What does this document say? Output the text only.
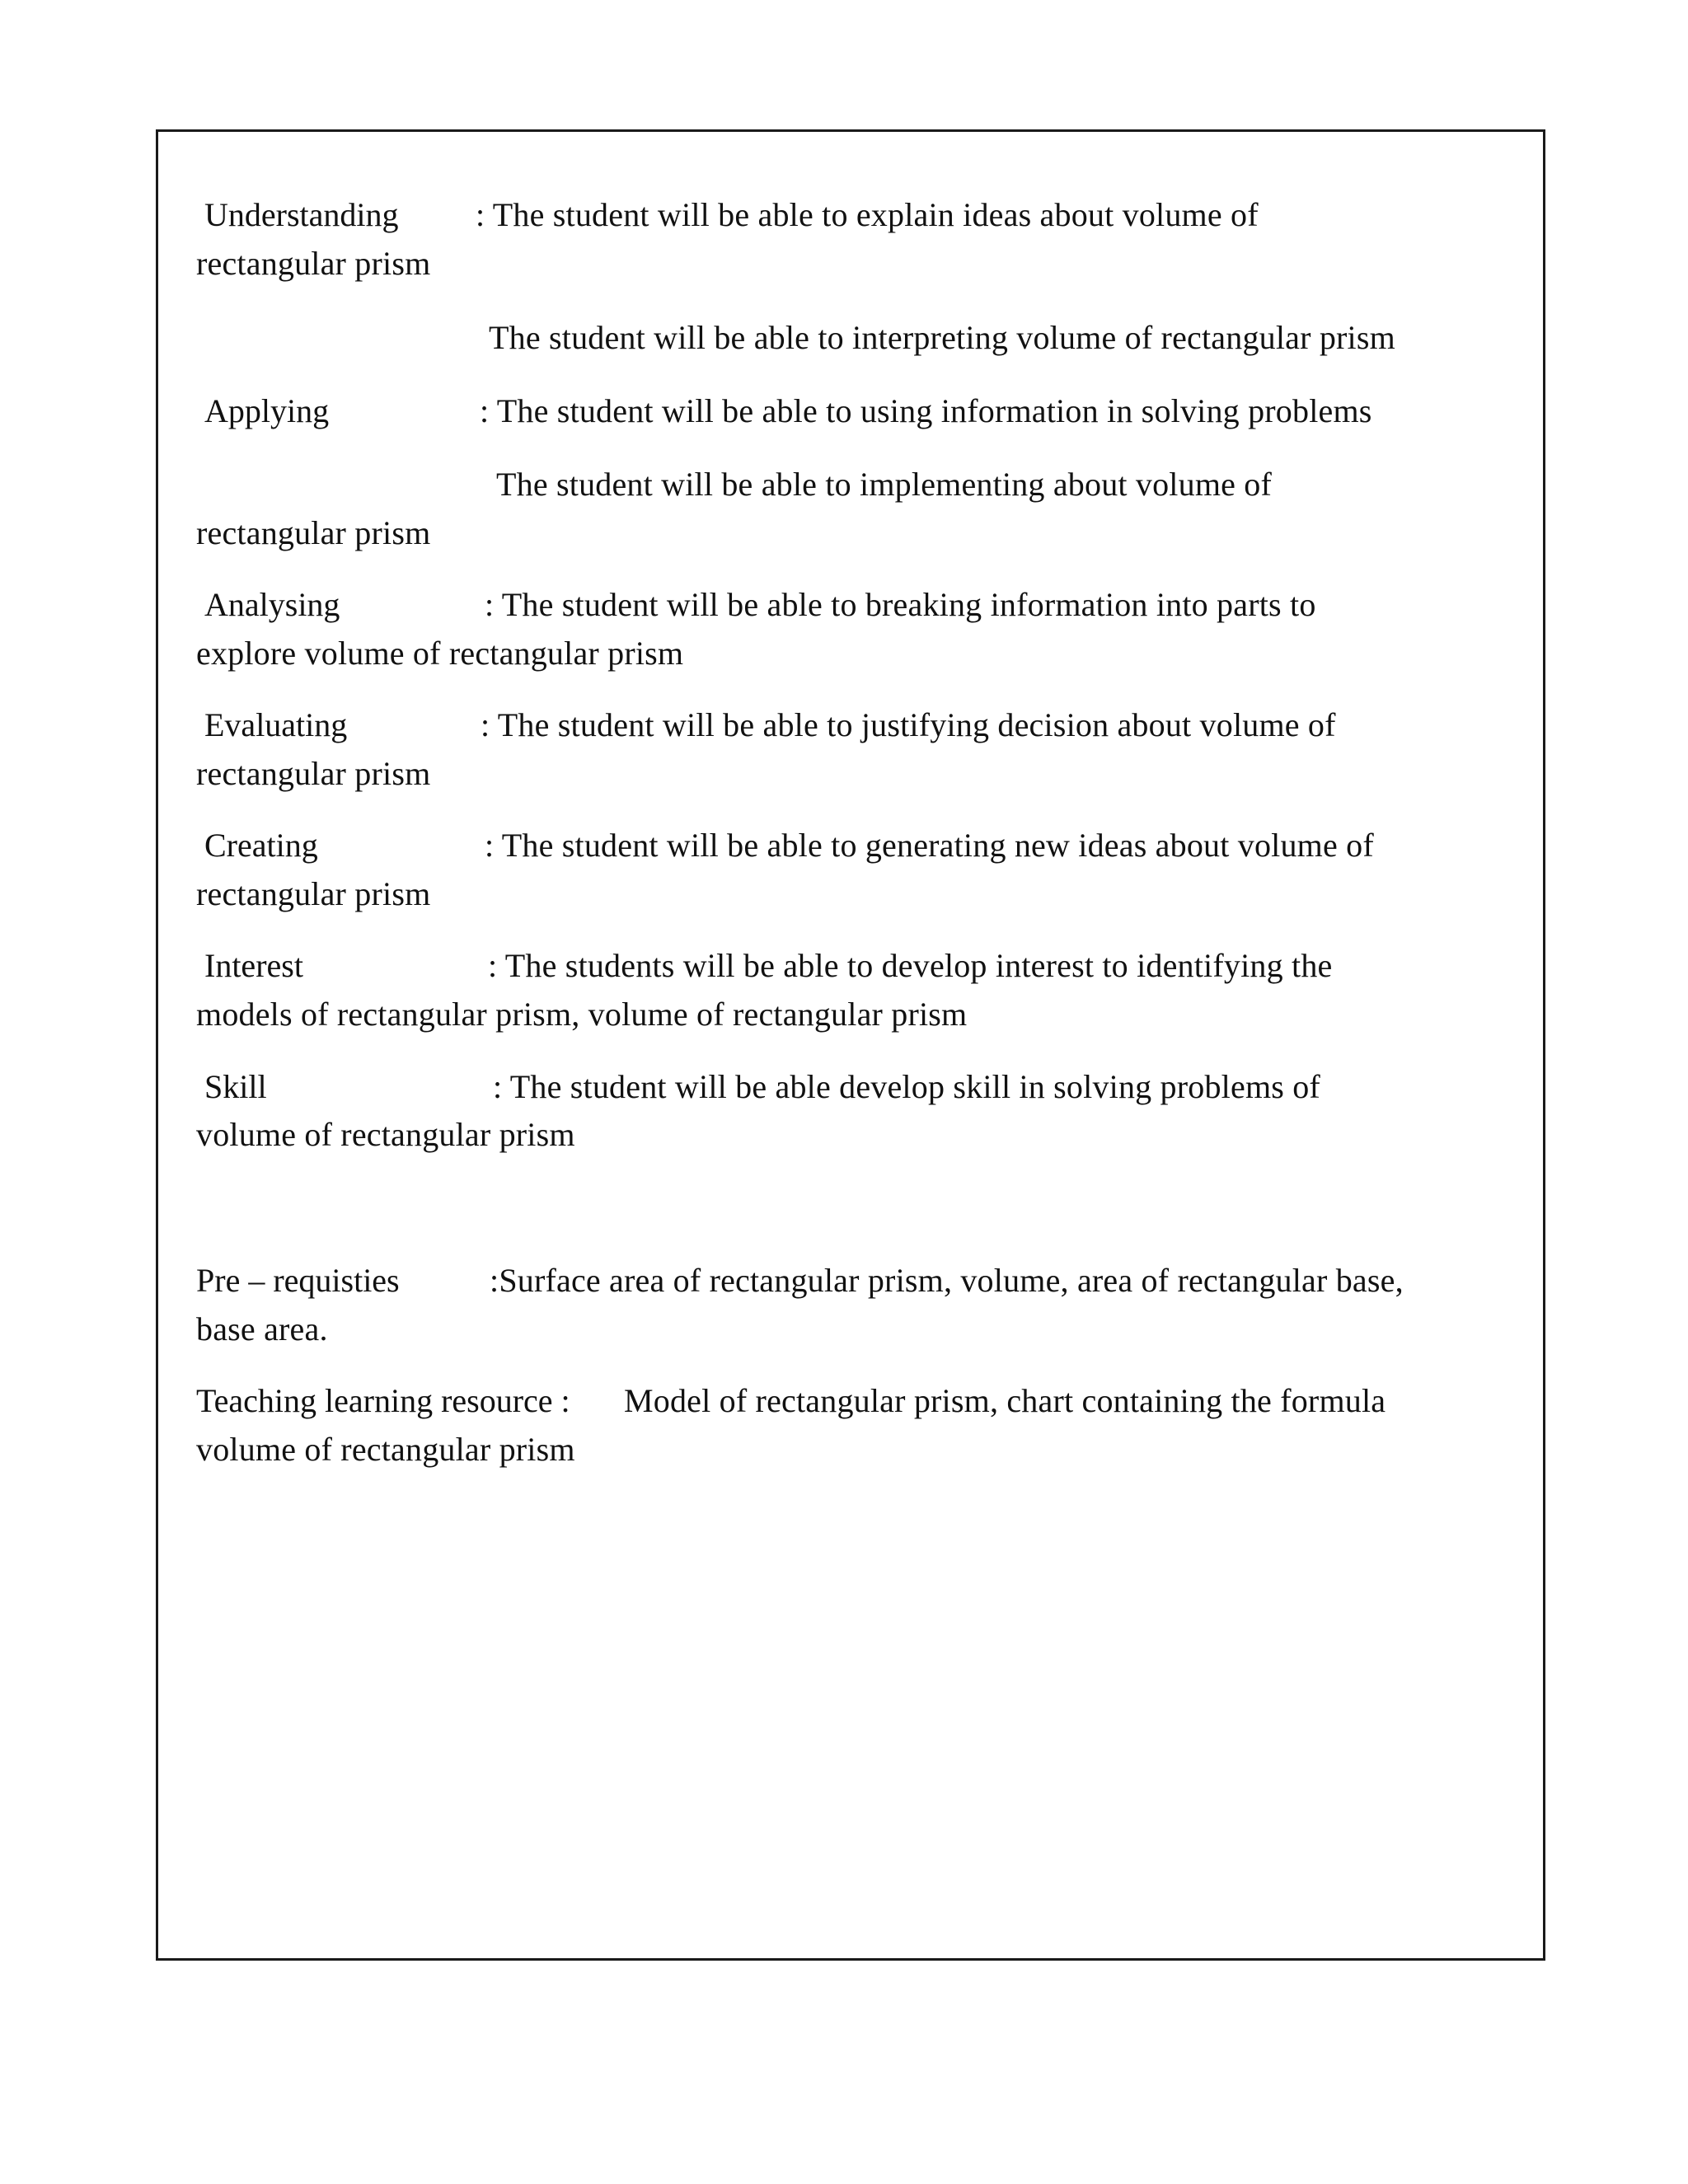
Understanding : The student will be able to explain ideas about volume of
rectangular prism
The student will be able to interpreting volume of rectangular prism
Applying	: The student will be able to using information in solving problems
The student will be able to implementing about volume of
rectangular prism
Analysing	: The student will be able to breaking information into parts to
explore volume of rectangular prism
Evaluating	: The student will be able to justifying decision about volume of
rectangular prism
Creating	: The student will be able to generating new ideas about volume of
rectangular prism
Interest	: The students will be able to develop interest to identifying the
models of rectangular prism, volume of rectangular prism
Skill	: The student will be able develop skill in solving problems of
volume of rectangular prism
Pre – requisties	:Surface area of rectangular prism, volume, area of rectangular base,
base area.
Teaching learning resource : Model of rectangular prism, chart containing the formula
volume of rectangular prism
